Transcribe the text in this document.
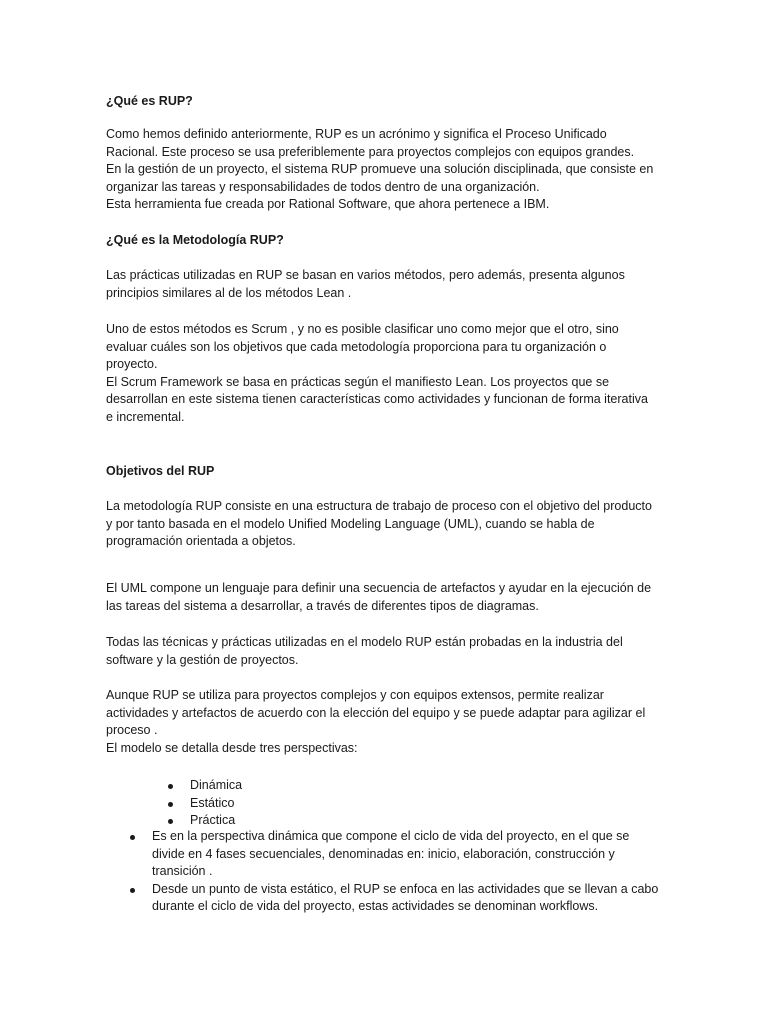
¿Qué es RUP?

Como hemos definido anteriormente, RUP es un acrónimo y significa el Proceso Unificado

Racional. Este proceso se usa preferiblemente para proyectos complejos con equipos grandes.

En la gestión de un proyecto, el sistema RUP promueve una solución disciplinada, que consiste en

organizar las tareas y responsabilidades de todos dentro de una organización.

Esta herramienta fue creada por Rational Software, que ahora pertenece a IBM.

¿Qué es la Metodología RUP?

Las prácticas utilizadas en RUP se basan en varios métodos, pero además, presenta algunos

principios similares al de los métodos Lean .

Uno de estos métodos es Scrum , y no es posible clasificar uno como mejor que el otro, sino

evaluar cuáles son los objetivos que cada metodología proporciona para tu organización o

proyecto.

El Scrum Framework se basa en prácticas según el manifiesto Lean. Los proyectos que se

desarrollan en este sistema tienen características como actividades y funcionan de forma iterativa

e incremental.

Objetivos del RUP

La metodología RUP consiste en una estructura de trabajo de proceso con el objetivo del producto

y por tanto basada en el modelo Unified Modeling Language (UML), cuando se habla de

programación orientada a objetos.

El UML compone un lenguaje para definir una secuencia de artefactos y ayudar en la ejecución de

las tareas del sistema a desarrollar, a través de diferentes tipos de diagramas.

Todas las técnicas y prácticas utilizadas en el modelo RUP están probadas en la industria del

software y la gestión de proyectos.

Aunque RUP se utiliza para proyectos complejos y con equipos extensos, permite realizar

actividades y artefactos de acuerdo con la elección del equipo y se puede adaptar para agilizar el

proceso .

El modelo se detalla desde tres perspectivas:

Dinámica
Estático
Práctica
Es en la perspectiva dinámica que compone el ciclo de vida del proyecto, en el que se
divide en 4 fases secuenciales, denominadas en: inicio, elaboración, construcción y
transición .
Desde un punto de vista estático, el RUP se enfoca en las actividades que se llevan a cabo
durante el ciclo de vida del proyecto, estas actividades se denominan workflows.
